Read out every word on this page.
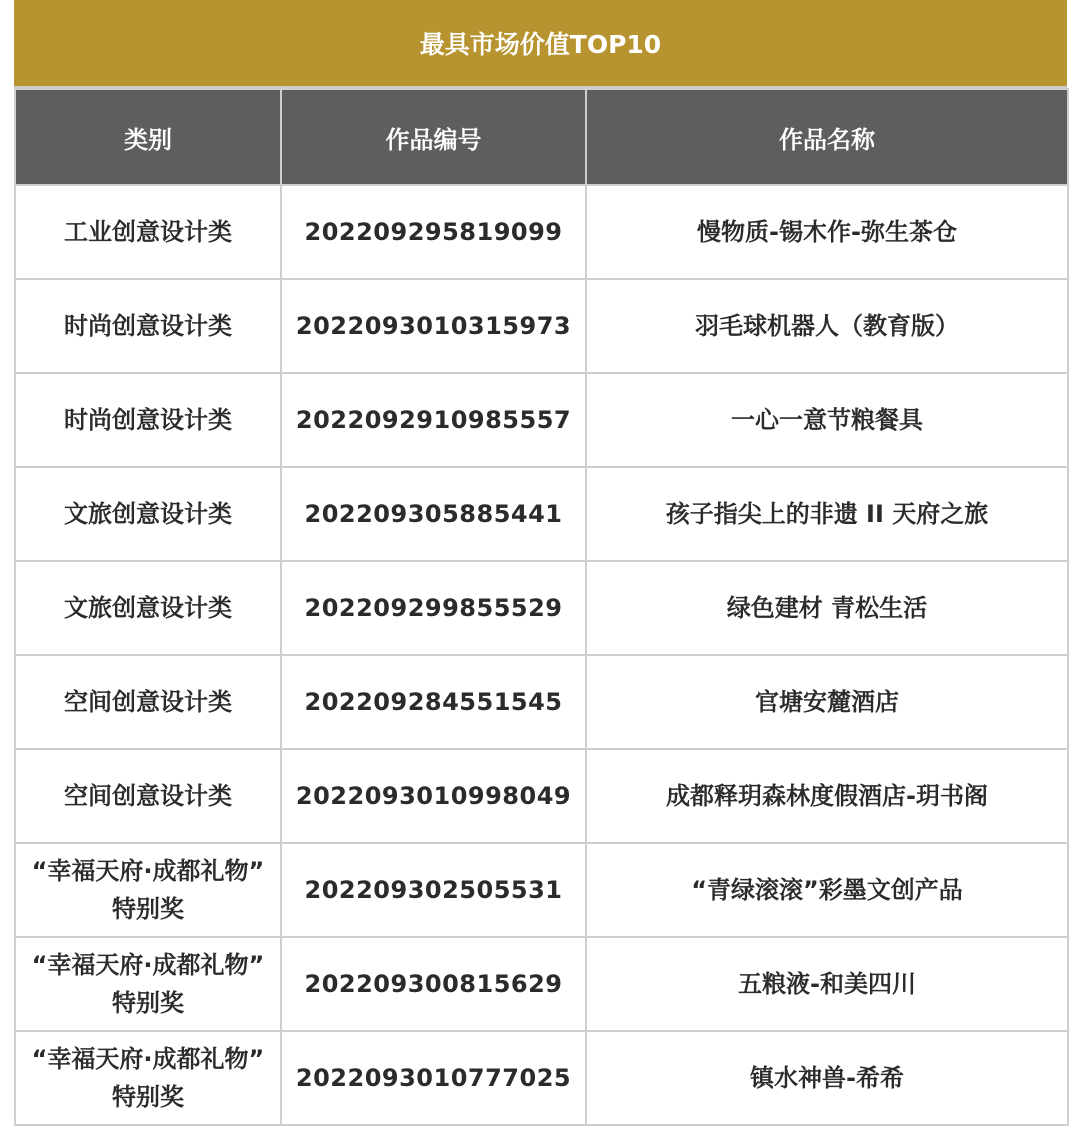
最具市场价值TOP10
类别	作品编号	作品名称
工业创意设计类	202209295819099	慢物质-锡木作-弥生茶仓
时尚创意设计类	202209301031597​3	羽毛球机器人（教育版）
时尚创意设计类	2022092910985557	一心一意节粮餐具
文旅创意设计类	202209305885441	孩子指尖上的非遗 II 天府之旅
文旅创意设计类	202209299855529	绿色建材 青松生活
空间创意设计类	202209284551545	官塘安麓酒店
空间创意设计类	2022093010998049	成都释玥森林度假酒店-玥书阁
“幸福天府·成都礼物”
特别奖	202209302505531	“青绿滚滚”彩墨文创产品
“幸福天府·成都礼物”
特别奖	202209300815629	五粮液-和美四川
“幸福天府·成都礼物”
特别奖	2022093010777025	镇水神兽-希希
